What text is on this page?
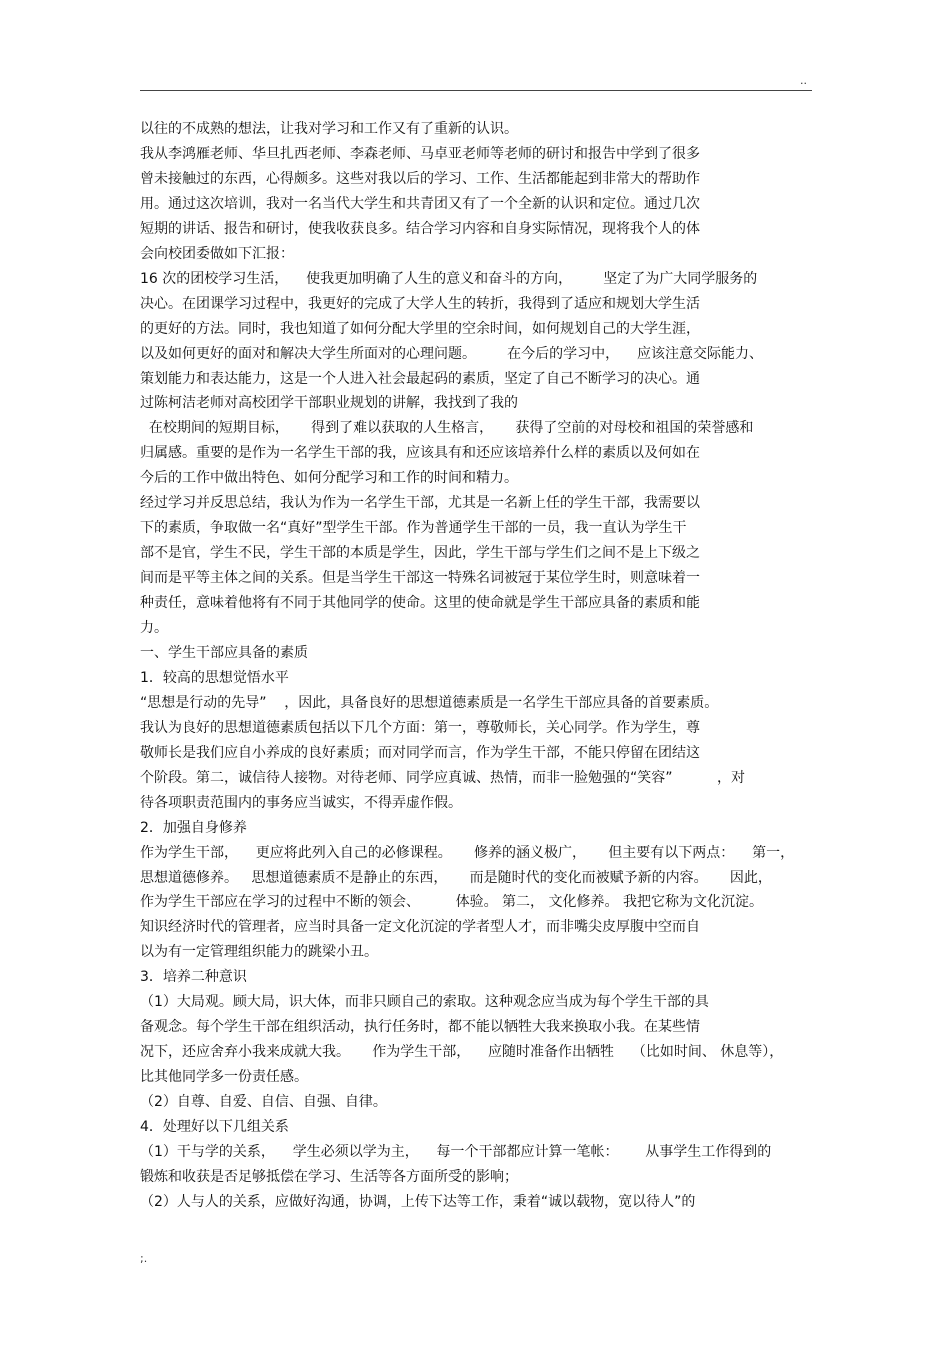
..
以往的不成熟的想法，让我对学习和工作又有了重新的认识。
我从李鸿雁老师、华旦扎西老师、李森老师、马卓亚老师等老师的研讨和报告中学到了很多
曾未接触过的东西，心得颇多。这些对我以后的学习、工作、生活都能起到非常大的帮助作
用。通过这次培训，我对一名当代大学生和共青团又有了一个全新的认识和定位。通过几次
短期的讲话、报告和研讨，使我收获良多。结合学习内容和自身实际情况，现将我个人的体
会向校团委做如下汇报：
16 次的团校学习生活，    使我更加明确了人生的意义和奋斗的方向，       坚定了为广大同学服务的
决心。在团课学习过程中，我更好的完成了大学人生的转折，我得到了适应和规划大学生活
的更好的方法。同时，我也知道了如何分配大学里的空余时间，如何规划自己的大学生涯，
以及如何更好的面对和解决大学生所面对的心理问题。       在今后的学习中，    应该注意交际能力、
策划能力和表达能力，这是一个人进入社会最起码的素质，坚定了自己不断学习的决心。通
过陈柯洁老师对高校团学干部职业规划的讲解，我找到了我的
在校期间的短期目标，     得到了难以获取的人生格言，     获得了空前的对母校和祖国的荣誉感和
归属感。重要的是作为一名学生干部的我，应该具有和还应该培养什么样的素质以及何如在
今后的工作中做出特色、如何分配学习和工作的时间和精力。
经过学习并反思总结，我认为作为一名学生干部，尤其是一名新上任的学生干部，我需要以
下的素质，争取做一名“真好”型学生干部。作为普通学生干部的一员，我一直认为学生干
部不是官，学生不民，学生干部的本质是学生，因此，学生干部与学生们之间不是上下级之
间而是平等主体之间的关系。但是当学生干部这一特殊名词被冠于某位学生时，则意味着一
种责任，意味着他将有不同于其他同学的使命。这里的使命就是学生干部应具备的素质和能
力。
一、学生干部应具备的素质
1．较高的思想觉悟水平
“思想是行动的先导”    ，因此，具备良好的思想道德素质是一名学生干部应具备的首要素质。
我认为良好的思想道德素质包括以下几个方面：第一，尊敬师长，关心同学。作为学生，尊
敬师长是我们应自小养成的良好素质；而对同学而言，作为学生干部，不能只停留在团结这
个阶段。第二，诚信待人接物。对待老师、同学应真诚、热情，而非一脸勉强的“笑容”          ，对
待各项职责范围内的事务应当诚实，不得弄虚作假。
2．加强自身修养
作为学生干部，    更应将此列入自己的必修课程。     修养的涵义极广，     但主要有以下两点：    第一，
思想道德修养。   思想道德素质不是静止的东西，     而是随时代的变化而被赋予新的内容。     因此，
作为学生干部应在学习的过程中不断的领会、        体验。 第二， 文化修养。 我把它称为文化沉淀。
知识经济时代的管理者，应当时具备一定文化沉淀的学者型人才，而非嘴尖皮厚腹中空而自
以为有一定管理组织能力的跳梁小丑。
3．培养二种意识
（1）大局观。顾大局，识大体，而非只顾自己的索取。这种观念应当成为每个学生干部的具
备观念。每个学生干部在组织活动，执行任务时，都不能以牺牲大我来换取小我。在某些情
况下，还应舍弃小我来成就大我。     作为学生干部，    应随时准备作出牺牲    （比如时间、 休息等），
比其他同学多一份责任感。
（2）自尊、自爱、自信、自强、自律。
4．处理好以下几组关系
（1）干与学的关系，    学生必须以学为主，    每一个干部都应计算一笔帐：      从事学生工作得到的
锻炼和收获是否足够抵偿在学习、生活等各方面所受的影响；
（2）人与人的关系，应做好沟通，协调，上传下达等工作，秉着“诚以载物，宽以待人”的
;.
